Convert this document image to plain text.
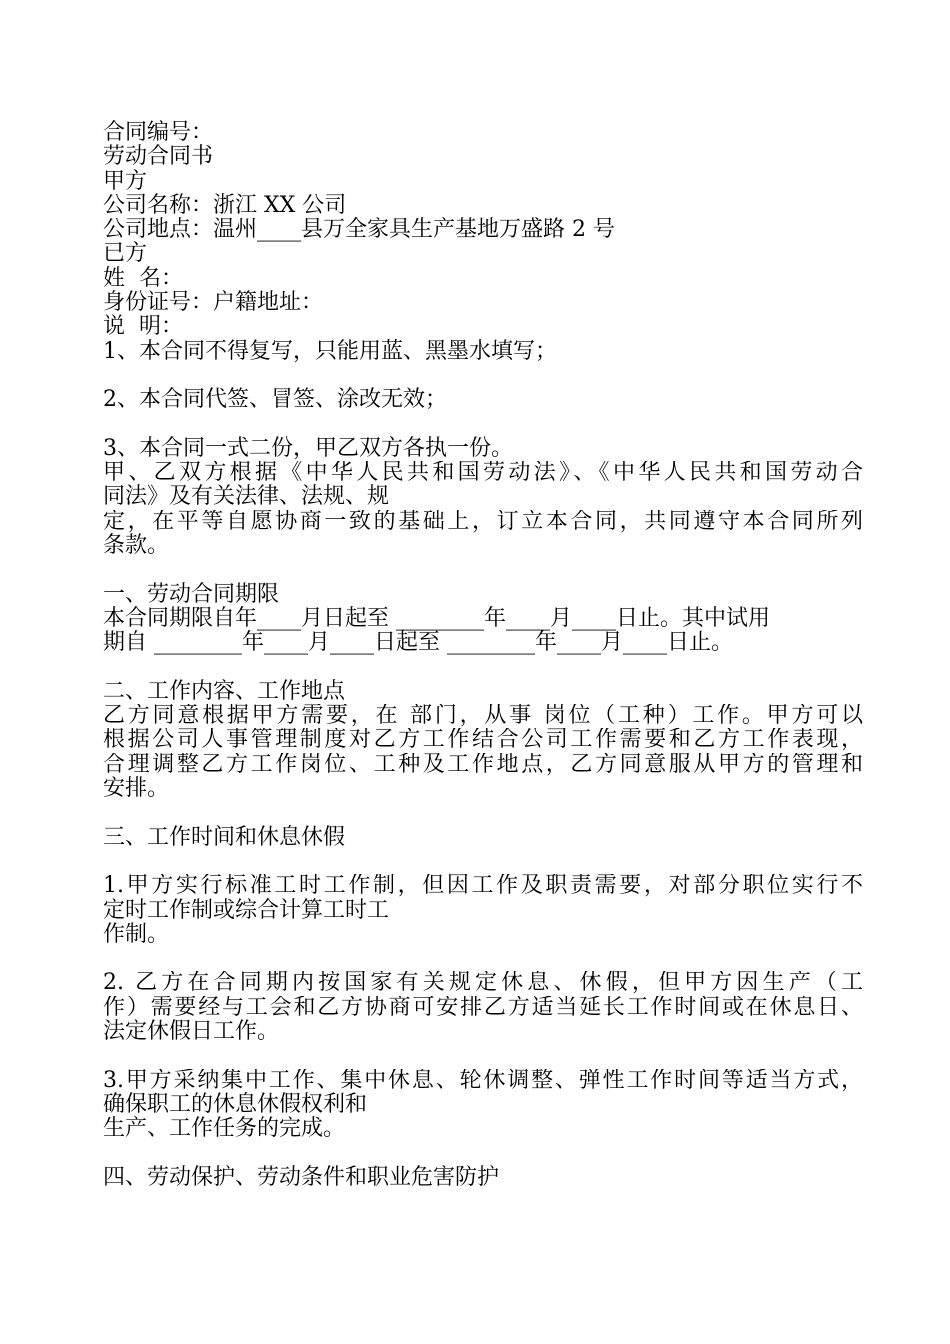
合同编号：
劳动合同书
甲方
公司名称：浙江 XX 公司
公司地点：温州____县万全家具生产基地万盛路 2 号
已方
姓  名：
身份证号：户籍地址：
说  明：
1、本合同不得复写，只能用蓝、黑墨水填写；
2、本合同代签、冒签、涂改无效；
3、本合同一式二份，甲乙双方各执一份。
甲、乙双方根据《中华人民共和国劳动法》、《中华人民共和国劳动合
同法》及有关法律、法规、规
定，在平等自愿协商一致的基础上，订立本合同，共同遵守本合同所列
条款。
一、劳动合同期限
本合同期限自年____月日起至 ________年____月____日止。其中试用
期自 ________年____月____日起至 ________年____月____日止。
二、工作内容、工作地点
乙方同意根据甲方需要，在 部门，从事 岗位（工种）工作。甲方可以
根据公司人事管理制度对乙方工作结合公司工作需要和乙方工作表现，
合理调整乙方工作岗位、工种及工作地点，乙方同意服从甲方的管理和
安排。
三、工作时间和休息休假
1.甲方实行标准工时工作制，但因工作及职责需要，对部分职位实行不
定时工作制或综合计算工时工
作制。
2. 乙方在合同期内按国家有关规定休息、休假，但甲方因生产（工
作）需要经与工会和乙方协商可安排乙方适当延长工作时间或在休息日、
法定休假日工作。
3.甲方采纳集中工作、集中休息、轮休调整、弹性工作时间等适当方式，
确保职工的休息休假权利和
生产、工作任务的完成。
四、劳动保护、劳动条件和职业危害防护
